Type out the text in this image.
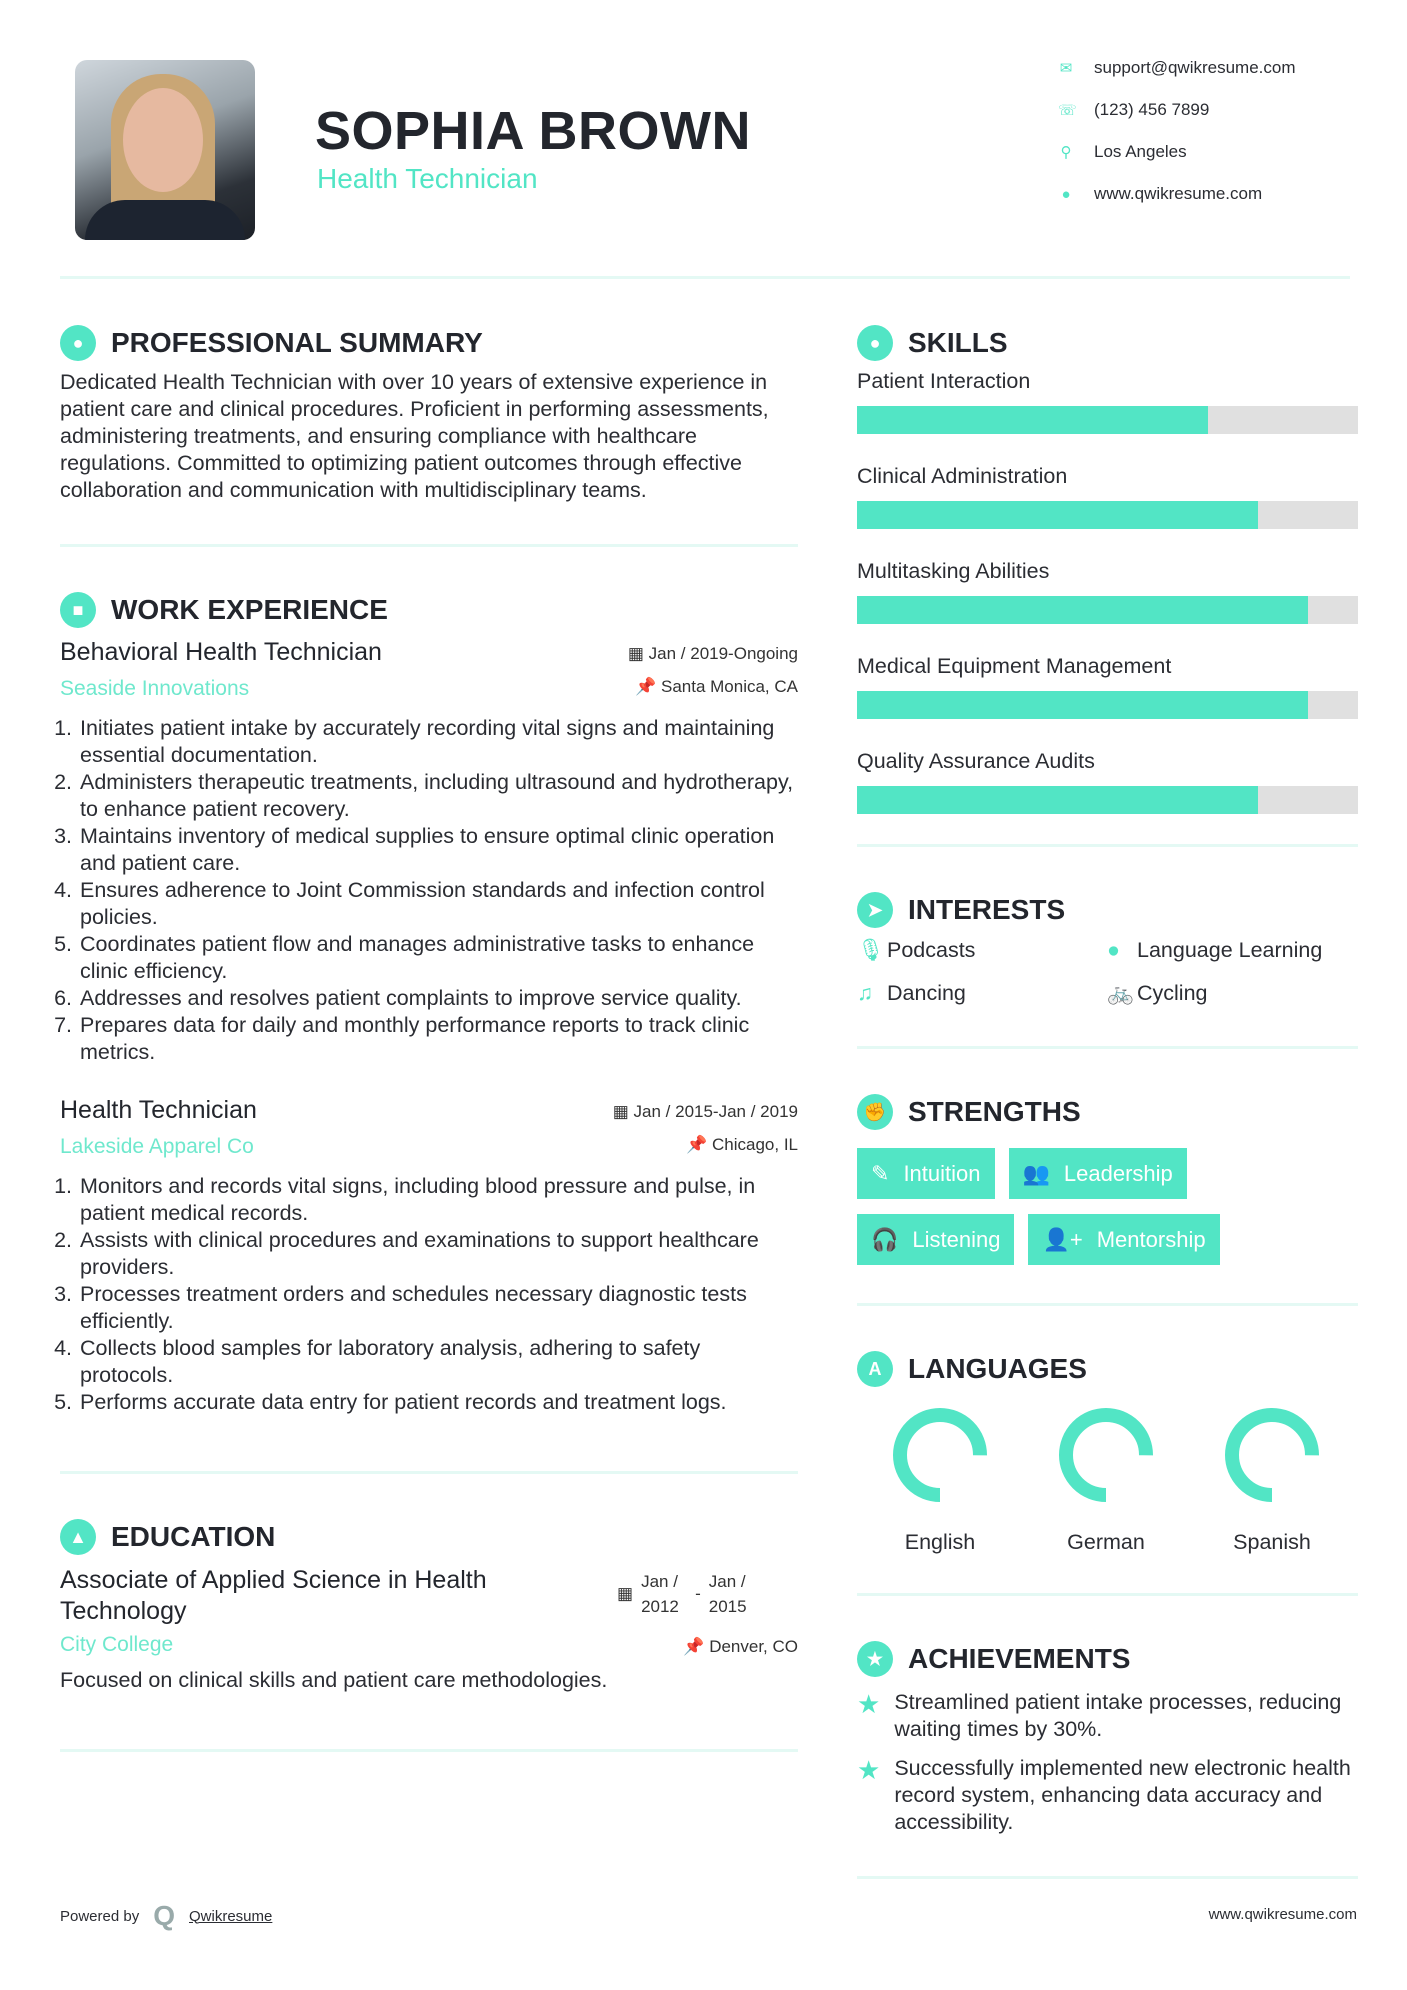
SOPHIA BROWN
Health Technician
✉ support@qwikresume.com
☏ (123) 456 7899
⚲ Los Angeles
● www.qwikresume.com
● PROFESSIONAL SUMMARY

Dedicated Health Technician with over 10 years of extensive experience in patient care and clinical procedures. Proficient in performing assessments, administering treatments, and ensuring compliance with healthcare regulations. Committed to optimizing patient outcomes through effective collaboration and communication with multidisciplinary teams.

■ WORK EXPERIENCE
Behavioral Health Technician
Seaside Innovations
▦ Jan / 2019-Ongoing
📌 Santa Monica, CA
1. Initiates patient intake by accurately recording vital signs and maintaining essential documentation.
2. Administers therapeutic treatments, including ultrasound and hydrotherapy, to enhance patient recovery.
3. Maintains inventory of medical supplies to ensure optimal clinic operation and patient care.
4. Ensures adherence to Joint Commission standards and infection control policies.
5. Coordinates patient flow and manages administrative tasks to enhance clinic efficiency.
6. Addresses and resolves patient complaints to improve service quality.
7. Prepares data for daily and monthly performance reports to track clinic metrics.
Health Technician
Lakeside Apparel Co
▦ Jan / 2015-Jan / 2019
📌 Chicago, IL
1. Monitors and records vital signs, including blood pressure and pulse, in patient medical records.
2. Assists with clinical procedures and examinations to support healthcare providers.
3. Processes treatment orders and schedules necessary diagnostic tests efficiently.
4. Collects blood samples for laboratory analysis, adhering to safety protocols.
5. Performs accurate data entry for patient records and treatment logs.
▲ EDUCATION
Associate of Applied Science in Health Technology
City College
▦
Jan / 2012
-
Jan / 2015
📌 Denver, CO

Focused on clinical skills and patient care methodologies.

● SKILLS
Patient Interaction
Clinical Administration
Multitasking Abilities
Medical Equipment Management
Quality Assurance Audits
➤ INTERESTS
🎙 Podcasts	● Language Learning
♫ Dancing	🚲 Cycling
✊ STRENGTHS
✎ Intuition 👥 Leadership
🎧 Listening 👤+ Mentorship
A LANGUAGES
English	German	Spanish
★ ACHIEVEMENTS
★ Streamlined patient intake processes, reducing waiting times by 30%.
★ Successfully implemented new electronic health record system, enhancing data accuracy and accessibility.
Powered by Q Qwikresume	www.qwikresume.com
